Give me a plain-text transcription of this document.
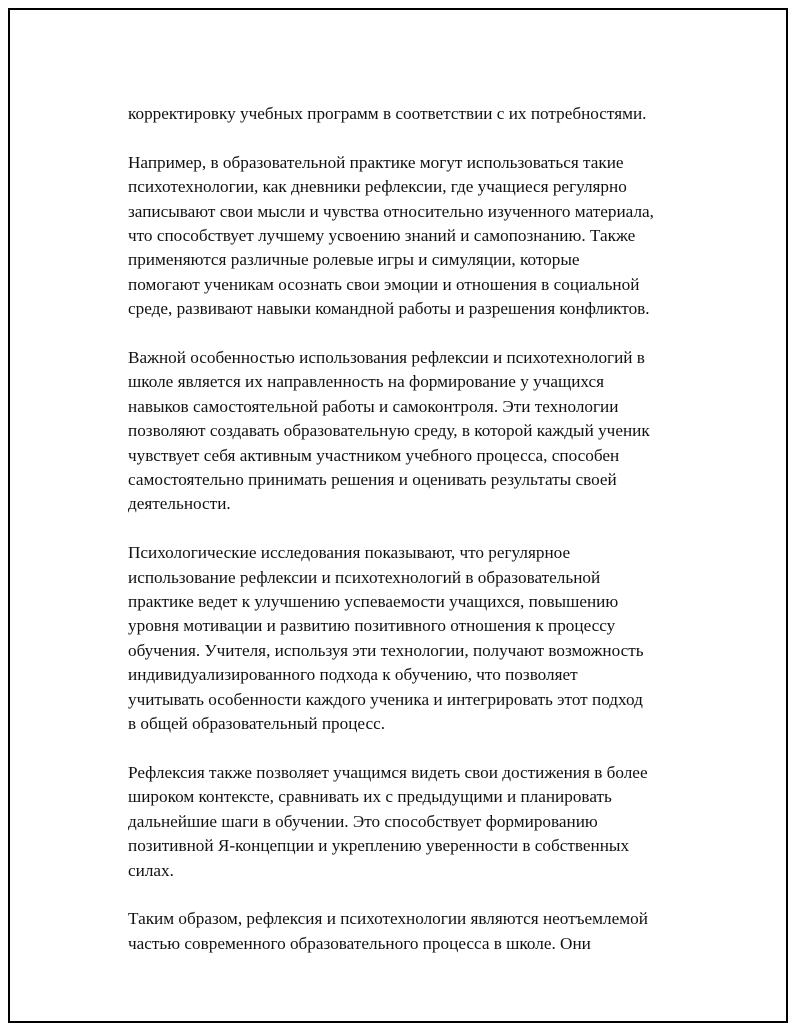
корректировку учебных программ в соответствии с их потребностями.

Например, в образовательной практике могут использоваться такие
психотехнологии, как дневники рефлексии, где учащиеся регулярно
записывают свои мысли и чувства относительно изученного материала,
что способствует лучшему усвоению знаний и самопознанию. Также
применяются различные ролевые игры и симуляции, которые
помогают ученикам осознать свои эмоции и отношения в социальной
среде, развивают навыки командной работы и разрешения конфликтов.

Важной особенностью использования рефлексии и психотехнологий в
школе является их направленность на формирование у учащихся
навыков самостоятельной работы и самоконтроля. Эти технологии
позволяют создавать образовательную среду, в которой каждый ученик
чувствует себя активным участником учебного процесса, способен
самостоятельно принимать решения и оценивать результаты своей
деятельности.

Психологические исследования показывают, что регулярное
использование рефлексии и психотехнологий в образовательной
практике ведет к улучшению успеваемости учащихся, повышению
уровня мотивации и развитию позитивного отношения к процессу
обучения. Учителя, используя эти технологии, получают возможность
индивидуализированного подхода к обучению, что позволяет
учитывать особенности каждого ученика и интегрировать этот подход
в общей образовательный процесс.

Рефлексия также позволяет учащимся видеть свои достижения в более
широком контексте, сравнивать их с предыдущими и планировать
дальнейшие шаги в обучении. Это способствует формированию
позитивной Я-концепции и укреплению уверенности в собственных
силах.

Таким образом, рефлексия и психотехнологии являются неотъемлемой
частью современного образовательного процесса в школе. Они
